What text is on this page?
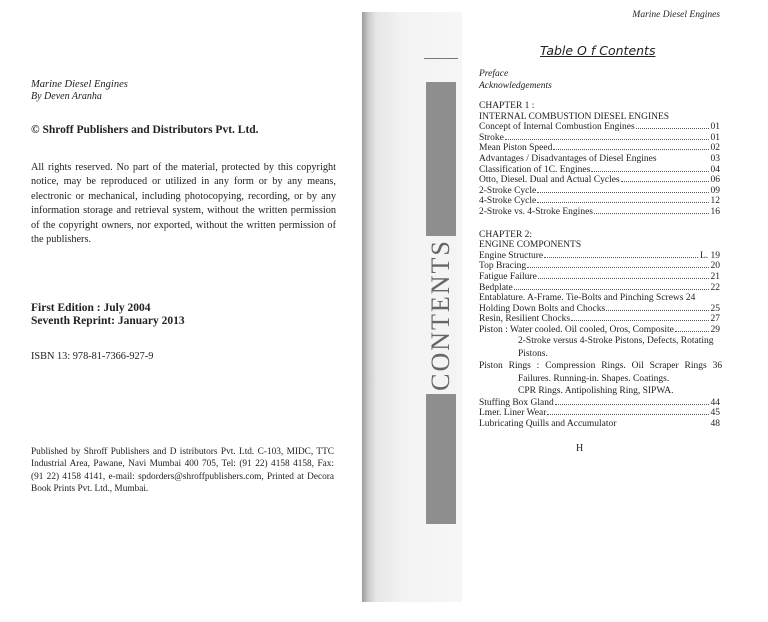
Marine Diesel Engines
By Deven Aranha
© Shroff Publishers and Distributors Pvt. Ltd.
All rights reserved. No part of the material, protected by this copyright notice, may be reproduced or utilized in any form or by any means, electronic or mechanical, including photocopying, recording, or by any information storage and retrieval system, without the written permission of the copyright owners, nor exported, without the written permission of the publishers.
First Edition : July 2004
Seventh Reprint: January 2013
ISBN 13: 978-81-7366-927-9
Published by Shroff Publishers and D istributors Pvt. Ltd. C-103, MIDC, TTC Industrial Area, Pawane, Navi Mumbai 400 705, Tel: (91 22) 4158 4158, Fax: (91 22) 4158 4141, e-mail: spdorders@shroffpublishers.com, Printed at Decora Book Prints Pvt. Ltd., Mumbai.
CONTENTS
Marine Diesel Engines
Table O f Contents
Preface
Acknowledgements
CHAPTER 1 :
INTERNAL COMBUSTION DIESEL ENGINES
Concept of Internal Combustion Engines	01
Stroke	01
Mean Piston Speed	02
Advantages / Disadvantages of Diesel Engines	03
Classification of 1C. Engines	04
Otto, Diesel. Dual and Actual Cycles	06
2-Stroke Cycle	09
4-Stroke Cycle	12
2-Stroke vs. 4-Stroke Engines	16
CHAPTER 2:
ENGINE COMPONENTS
Engine Structure	L. 19
Top Bracing	20
Fatigue Failure	21
Bedplate	22
Entablature. A-Frame. Tie-Bolts and Pinching Screws 24
Holding Down Bolts and Chocks	25
Resin, Resilient Chocks	27
Piston : Water cooled. Oil cooled, Oros, Composite	29
2-Stroke versus 4-Stroke Pistons, Defects, Rotating
Pistons.
Piston Rings : Compression Rings. Oil Scraper Rings 36
Failures. Running-in. Shapes. Coatings.
CPR Rings. Antipolishing Ring, SIPWA.
Stuffing Box Gland	44
Lmer. Liner Wear	45
Lubricating Quills and Accumulator	48
H
